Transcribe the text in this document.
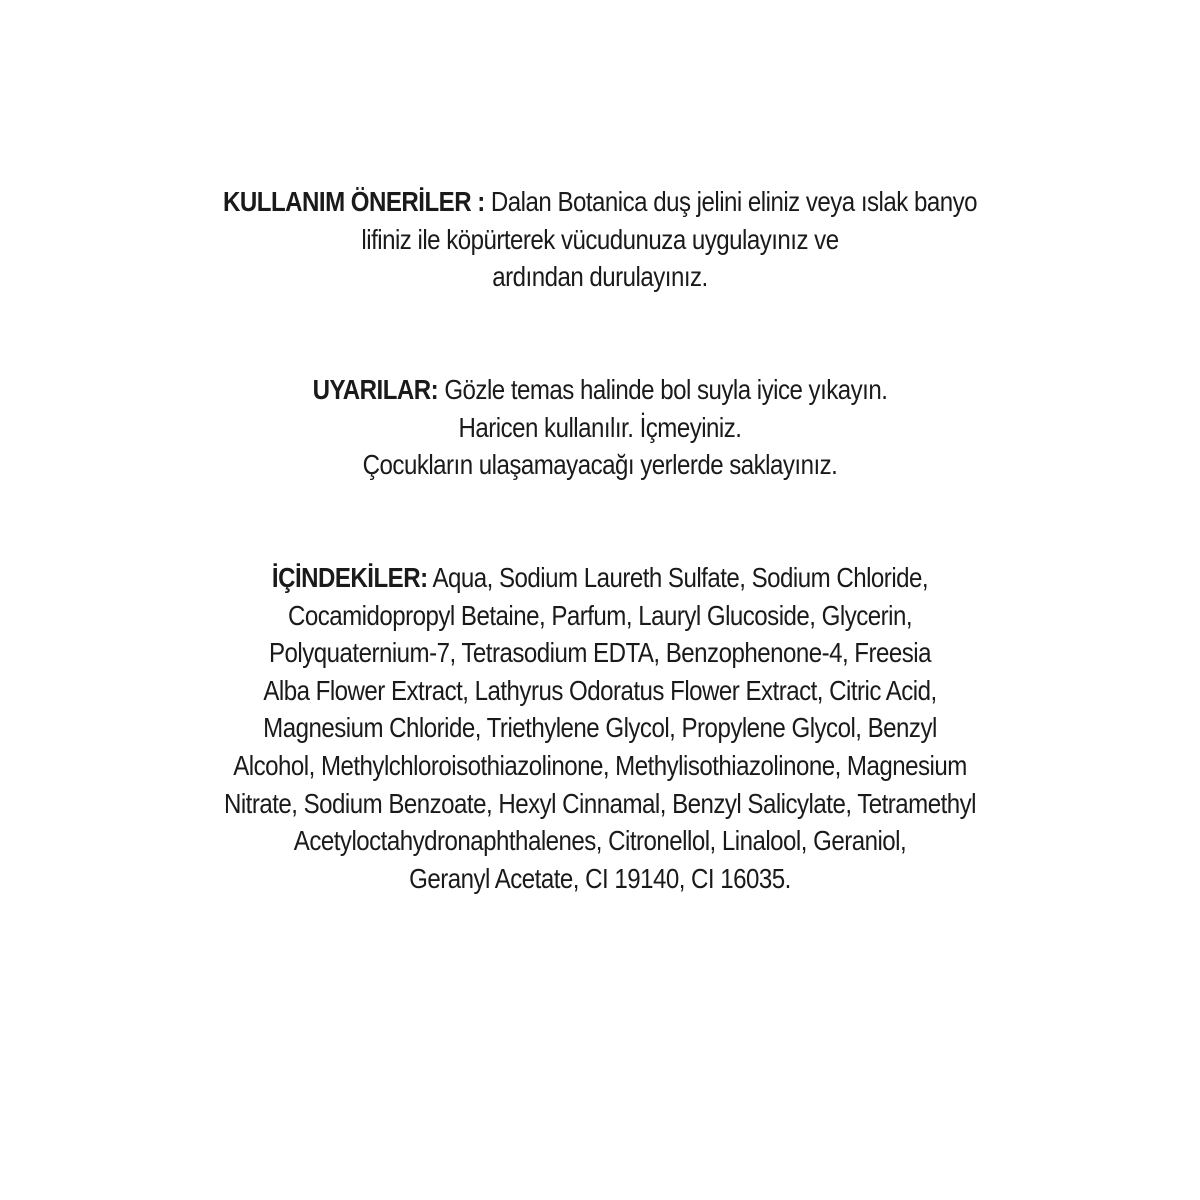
KULLANIM ÖNERİLER : Dalan Botanica duş jelini eliniz veya ıslak banyo
lifiniz ile köpürterek vücudunuza uygulayınız ve
ardından durulayınız.
UYARILAR: Gözle temas halinde bol suyla iyice yıkayın.
Haricen kullanılır. İçmeyiniz.
Çocukların ulaşamayacağı yerlerde saklayınız.
İÇİNDEKİLER: Aqua, Sodium Laureth Sulfate, Sodium Chloride,
Cocamidopropyl Betaine, Parfum, Lauryl Glucoside, Glycerin,
Polyquaternium-7, Tetrasodium EDTA, Benzophenone-4, Freesia
Alba Flower Extract, Lathyrus Odoratus Flower Extract, Citric Acid,
Magnesium Chloride, Triethylene Glycol, Propylene Glycol, Benzyl
Alcohol, Methylchloroisothiazolinone, Methylisothiazolinone, Magnesium
Nitrate, Sodium Benzoate, Hexyl Cinnamal, Benzyl Salicylate, Tetramethyl
Acetyloctahydronaphthalenes, Citronellol, Linalool, Geraniol,
Geranyl Acetate, CI 19140, CI 16035.
